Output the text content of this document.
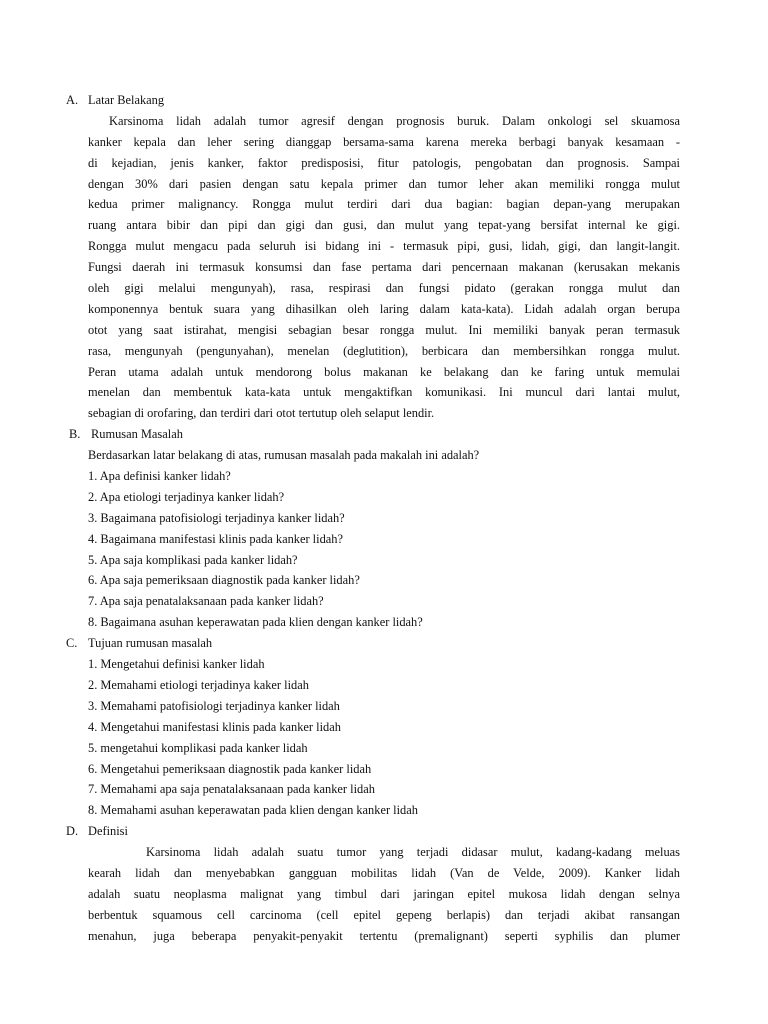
A. Latar Belakang
Karsinoma lidah adalah tumor agresif dengan prognosis buruk. Dalam onkologi sel skuamosa
kanker kepala dan leher sering dianggap bersama-sama karena mereka berbagi banyak kesamaan -
di kejadian, jenis kanker, faktor predisposisi, fitur patologis, pengobatan dan prognosis. Sampai
dengan 30% dari pasien dengan satu kepala primer dan tumor leher akan memiliki rongga mulut
kedua primer malignancy. Rongga mulut terdiri dari dua bagian: bagian depan-yang merupakan
ruang antara bibir dan pipi dan gigi dan gusi, dan mulut yang tepat-yang bersifat internal ke gigi.
Rongga mulut mengacu pada seluruh isi bidang ini - termasuk pipi, gusi, lidah, gigi, dan langit-langit.
Fungsi daerah ini termasuk konsumsi dan fase pertama dari pencernaan makanan (kerusakan mekanis
oleh gigi melalui mengunyah), rasa, respirasi dan fungsi pidato (gerakan rongga mulut dan
komponennya bentuk suara yang dihasilkan oleh laring dalam kata-kata). Lidah adalah organ berupa
otot yang saat istirahat, mengisi sebagian besar rongga mulut. Ini memiliki banyak peran termasuk
rasa, mengunyah (pengunyahan), menelan (deglutition), berbicara dan membersihkan rongga mulut.
Peran utama adalah untuk mendorong bolus makanan ke belakang dan ke faring untuk memulai
menelan dan membentuk kata-kata untuk mengaktifkan komunikasi. Ini muncul dari lantai mulut,
sebagian di orofaring, dan terdiri dari otot tertutup oleh selaput lendir.
B. Rumusan Masalah
Berdasarkan latar belakang di atas, rumusan masalah pada makalah ini adalah?
1. Apa definisi kanker lidah?
2. Apa etiologi terjadinya kanker lidah?
3. Bagaimana patofisiologi terjadinya kanker lidah?
4. Bagaimana manifestasi klinis pada kanker lidah?
5. Apa saja komplikasi pada kanker lidah?
6. Apa saja pemeriksaan diagnostik pada kanker lidah?
7. Apa saja penatalaksanaan pada kanker lidah?
8. Bagaimana asuhan keperawatan pada klien dengan kanker lidah?
C. Tujuan rumusan masalah
1. Mengetahui definisi kanker lidah
2. Memahami etiologi terjadinya kaker lidah
3. Memahami patofisiologi terjadinya kanker lidah
4. Mengetahui manifestasi klinis pada kanker lidah
5. mengetahui komplikasi pada kanker lidah
6. Mengetahui pemeriksaan diagnostik pada kanker lidah
7. Memahami apa saja penatalaksanaan pada kanker lidah
8. Memahami asuhan keperawatan pada klien dengan kanker lidah
D. Definisi
Karsinoma lidah adalah suatu tumor yang terjadi didasar mulut, kadang-kadang meluas
kearah lidah dan menyebabkan gangguan mobilitas lidah (Van de Velde, 2009). Kanker lidah
adalah suatu neoplasma malignat yang timbul dari jaringan epitel mukosa lidah dengan selnya
berbentuk squamous cell carcinoma (cell epitel gepeng berlapis) dan terjadi akibat ransangan
menahun, juga beberapa penyakit-penyakit tertentu (premalignant) seperti syphilis dan plumer
